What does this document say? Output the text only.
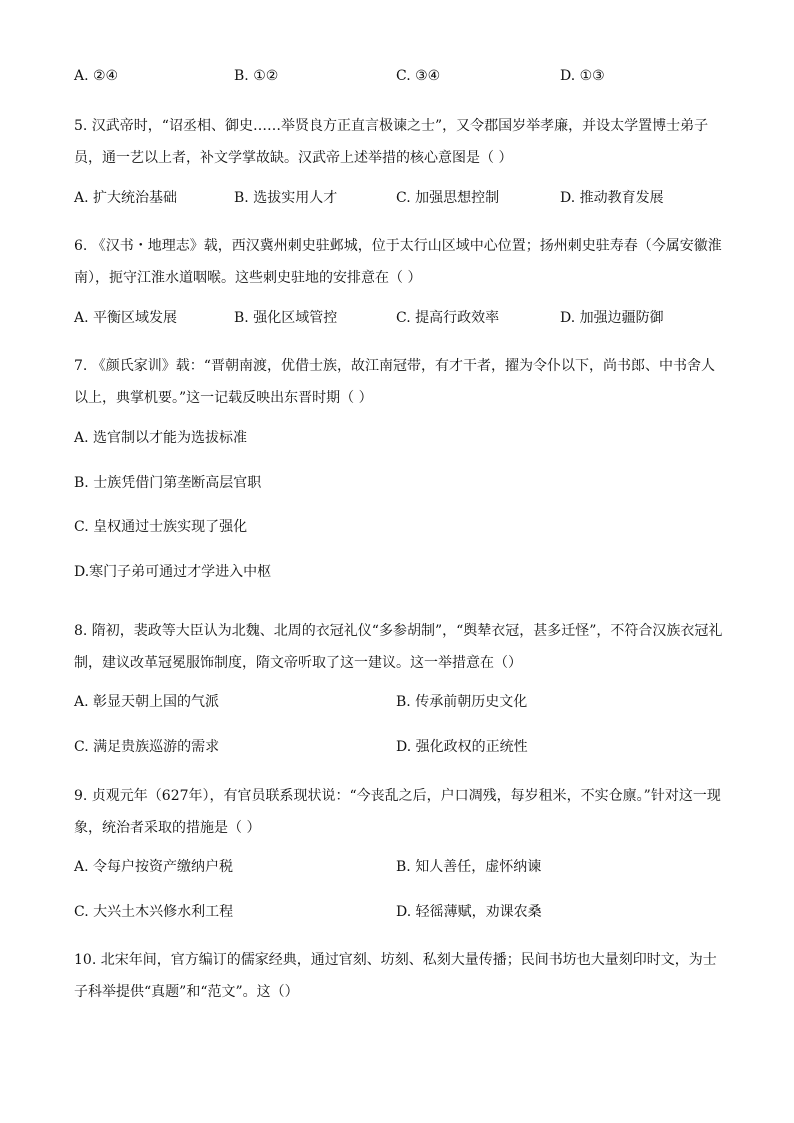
A. ②④	B. ①②	C. ③④	D. ①③

5. 汉武帝时，“诏丞相、御史……举贤良方正直言极谏之士”，又令郡国岁举孝廉，并设太学置博士弟子员，通一艺以上者，补文学掌故缺。汉武帝上述举措的核心意图是（ ）

A. 扩大统治基础	B. 选拔实用人才	C. 加强思想控制	D. 推动教育发展

6. 《汉书・地理志》载，西汉冀州刺史驻邺城，位于太行山区域中心位置；扬州刺史驻寿春（今属安徽淮南），扼守江淮水道咽喉。这些刺史驻地的安排意在（ ）

A. 平衡区域发展	B. 强化区域管控	C. 提高行政效率	D. 加强边疆防御

7. 《颜氏家训》载：“晋朝南渡，优借士族，故江南冠带，有才干者，擢为令仆以下，尚书郎、中书舍人以上，典掌机要。”这一记载反映出东晋时期（ ）

A. 选官制以才能为选拔标准
B. 士族凭借门第垄断高层官职
C. 皇权通过士族实现了强化
D.寒门子弟可通过才学进入中枢

8. 隋初，裴政等大臣认为北魏、北周的衣冠礼仪“多参胡制”，“舆辇衣冠，甚多迁怪”，不符合汉族衣冠礼制，建议改革冠冕服饰制度，隋文帝听取了这一建议。这一举措意在（）

A. 彰显天朝上国的气派	B. 传承前朝历史文化
C. 满足贵族巡游的需求	D. 强化政权的正统性

9. 贞观元年（627年），有官员联系现状说：“今丧乱之后，户口凋残，每岁租米，不实仓廪。”针对这一现象，统治者采取的措施是（ ）

A. 令每户按资产缴纳户税	B. 知人善任，虚怀纳谏
C. 大兴土木兴修水利工程	D. 轻徭薄赋，劝课农桑

10. 北宋年间，官方编订的儒家经典，通过官刻、坊刻、私刻大量传播；民间书坊也大量刻印时文，为士子科举提供“真题”和“范文”。这（）
